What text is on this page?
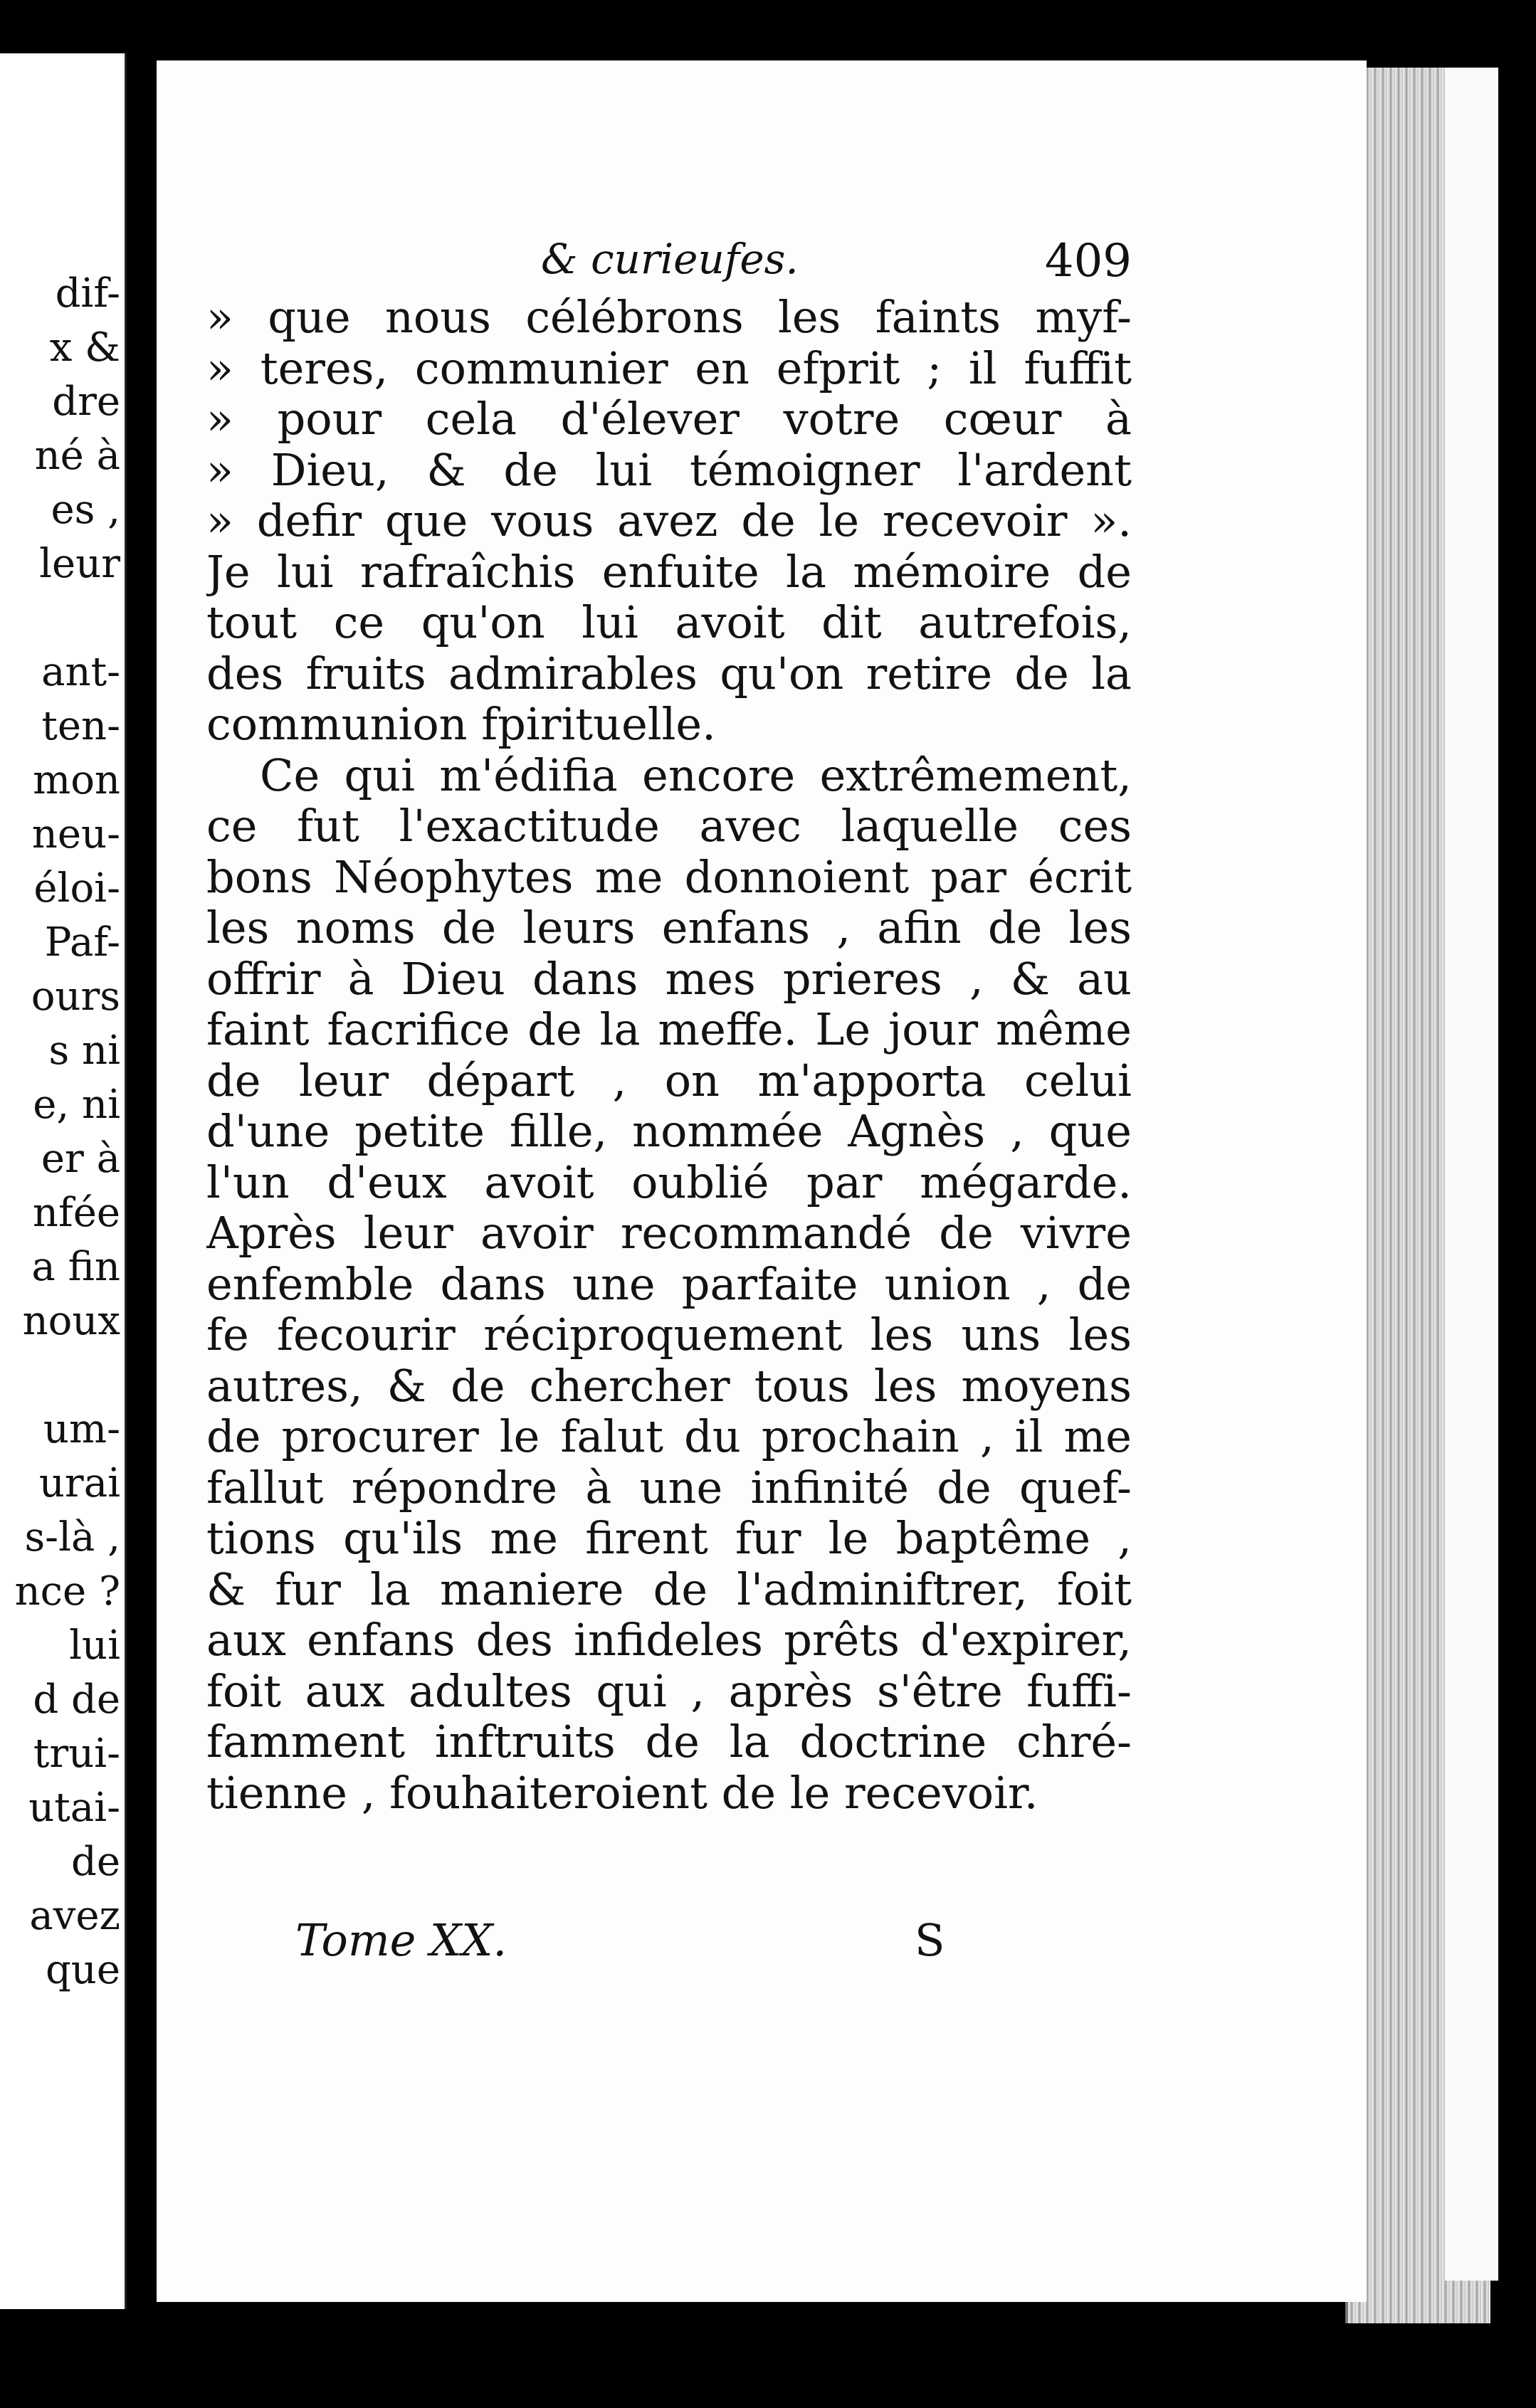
dif-
x &
dre
né à
es ,
leur
ant-
ten-
mon
neu-
éloi-
Paf-
ours
s ni
e, ni
er à
nfée
a fin
noux
um-
urai
s-là ,
nce ?
lui
d de
trui-
utai-
de
avez
que
& curieufes.	409
» que nous célébrons les faints myf-
» teres, communier en efprit ; il fuffit
» pour cela d'élever votre cœur à
» Dieu, & de lui témoigner l'ardent
» defir que vous avez de le recevoir ».
Je lui rafraîchis enfuite la mémoire de
tout ce qu'on lui avoit dit autrefois,
des fruits admirables qu'on retire de la
communion fpirituelle.
Ce qui m'édifia encore extrêmement,
ce fut l'exactitude avec laquelle ces
bons Néophytes me donnoient par écrit
les noms de leurs enfans , afin de les
offrir à Dieu dans mes prieres , & au
faint facrifice de la meffe. Le jour même
de leur départ , on m'apporta celui
d'une petite fille, nommée Agnès , que
l'un d'eux avoit oublié par mégarde.
Après leur avoir recommandé de vivre
enfemble dans une parfaite union , de
fe fecourir réciproquement les uns les
autres, & de chercher tous les moyens
de procurer le falut du prochain , il me
fallut répondre à une infinité de quef-
tions qu'ils me firent fur le baptême ,
& fur la maniere de l'adminiftrer, foit
aux enfans des infideles prêts d'expirer,
foit aux adultes qui , après s'être fuffi-
famment inftruits de la doctrine chré-
tienne , fouhaiteroient de le recevoir.
Tome XX.	S
